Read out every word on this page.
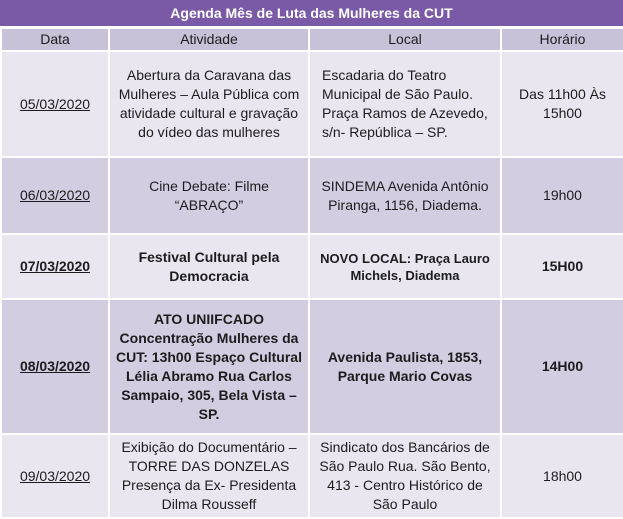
Agenda Mês de Luta das Mulheres da CUT
Data	Atividade	Local	Horário
05/03/2020	Abertura da Caravana das Mulheres – Aula Pública com atividade cultural e gravação do vídeo das mulheres	Escadaria do Teatro Municipal de São Paulo. Praça Ramos de Azevedo, s/n- República – SP.	Das 11h00 Às 15h00
06/03/2020	Cine Debate: Filme “ABRAÇO”	SINDEMA Avenida Antônio Piranga, 1156, Diadema.	19h00
07/03/2020	Festival Cultural pela Democracia	NOVO LOCAL: Praça Lauro Michels, Diadema	15H00
08/03/2020	ATO UNIIFCADO Concentração Mulheres da CUT: 13h00 Espaço Cultural Lélia Abramo Rua Carlos Sampaio, 305, Bela Vista – SP.	Avenida Paulista, 1853, Parque Mario Covas	14H00
09/03/2020	Exibição do Documentário – TORRE DAS DONZELAS Presença da Ex- Presidenta Dilma Rousseff	Sindicato dos Bancários de São Paulo Rua. São Bento, 413 - Centro Histórico de São Paulo	18h00
